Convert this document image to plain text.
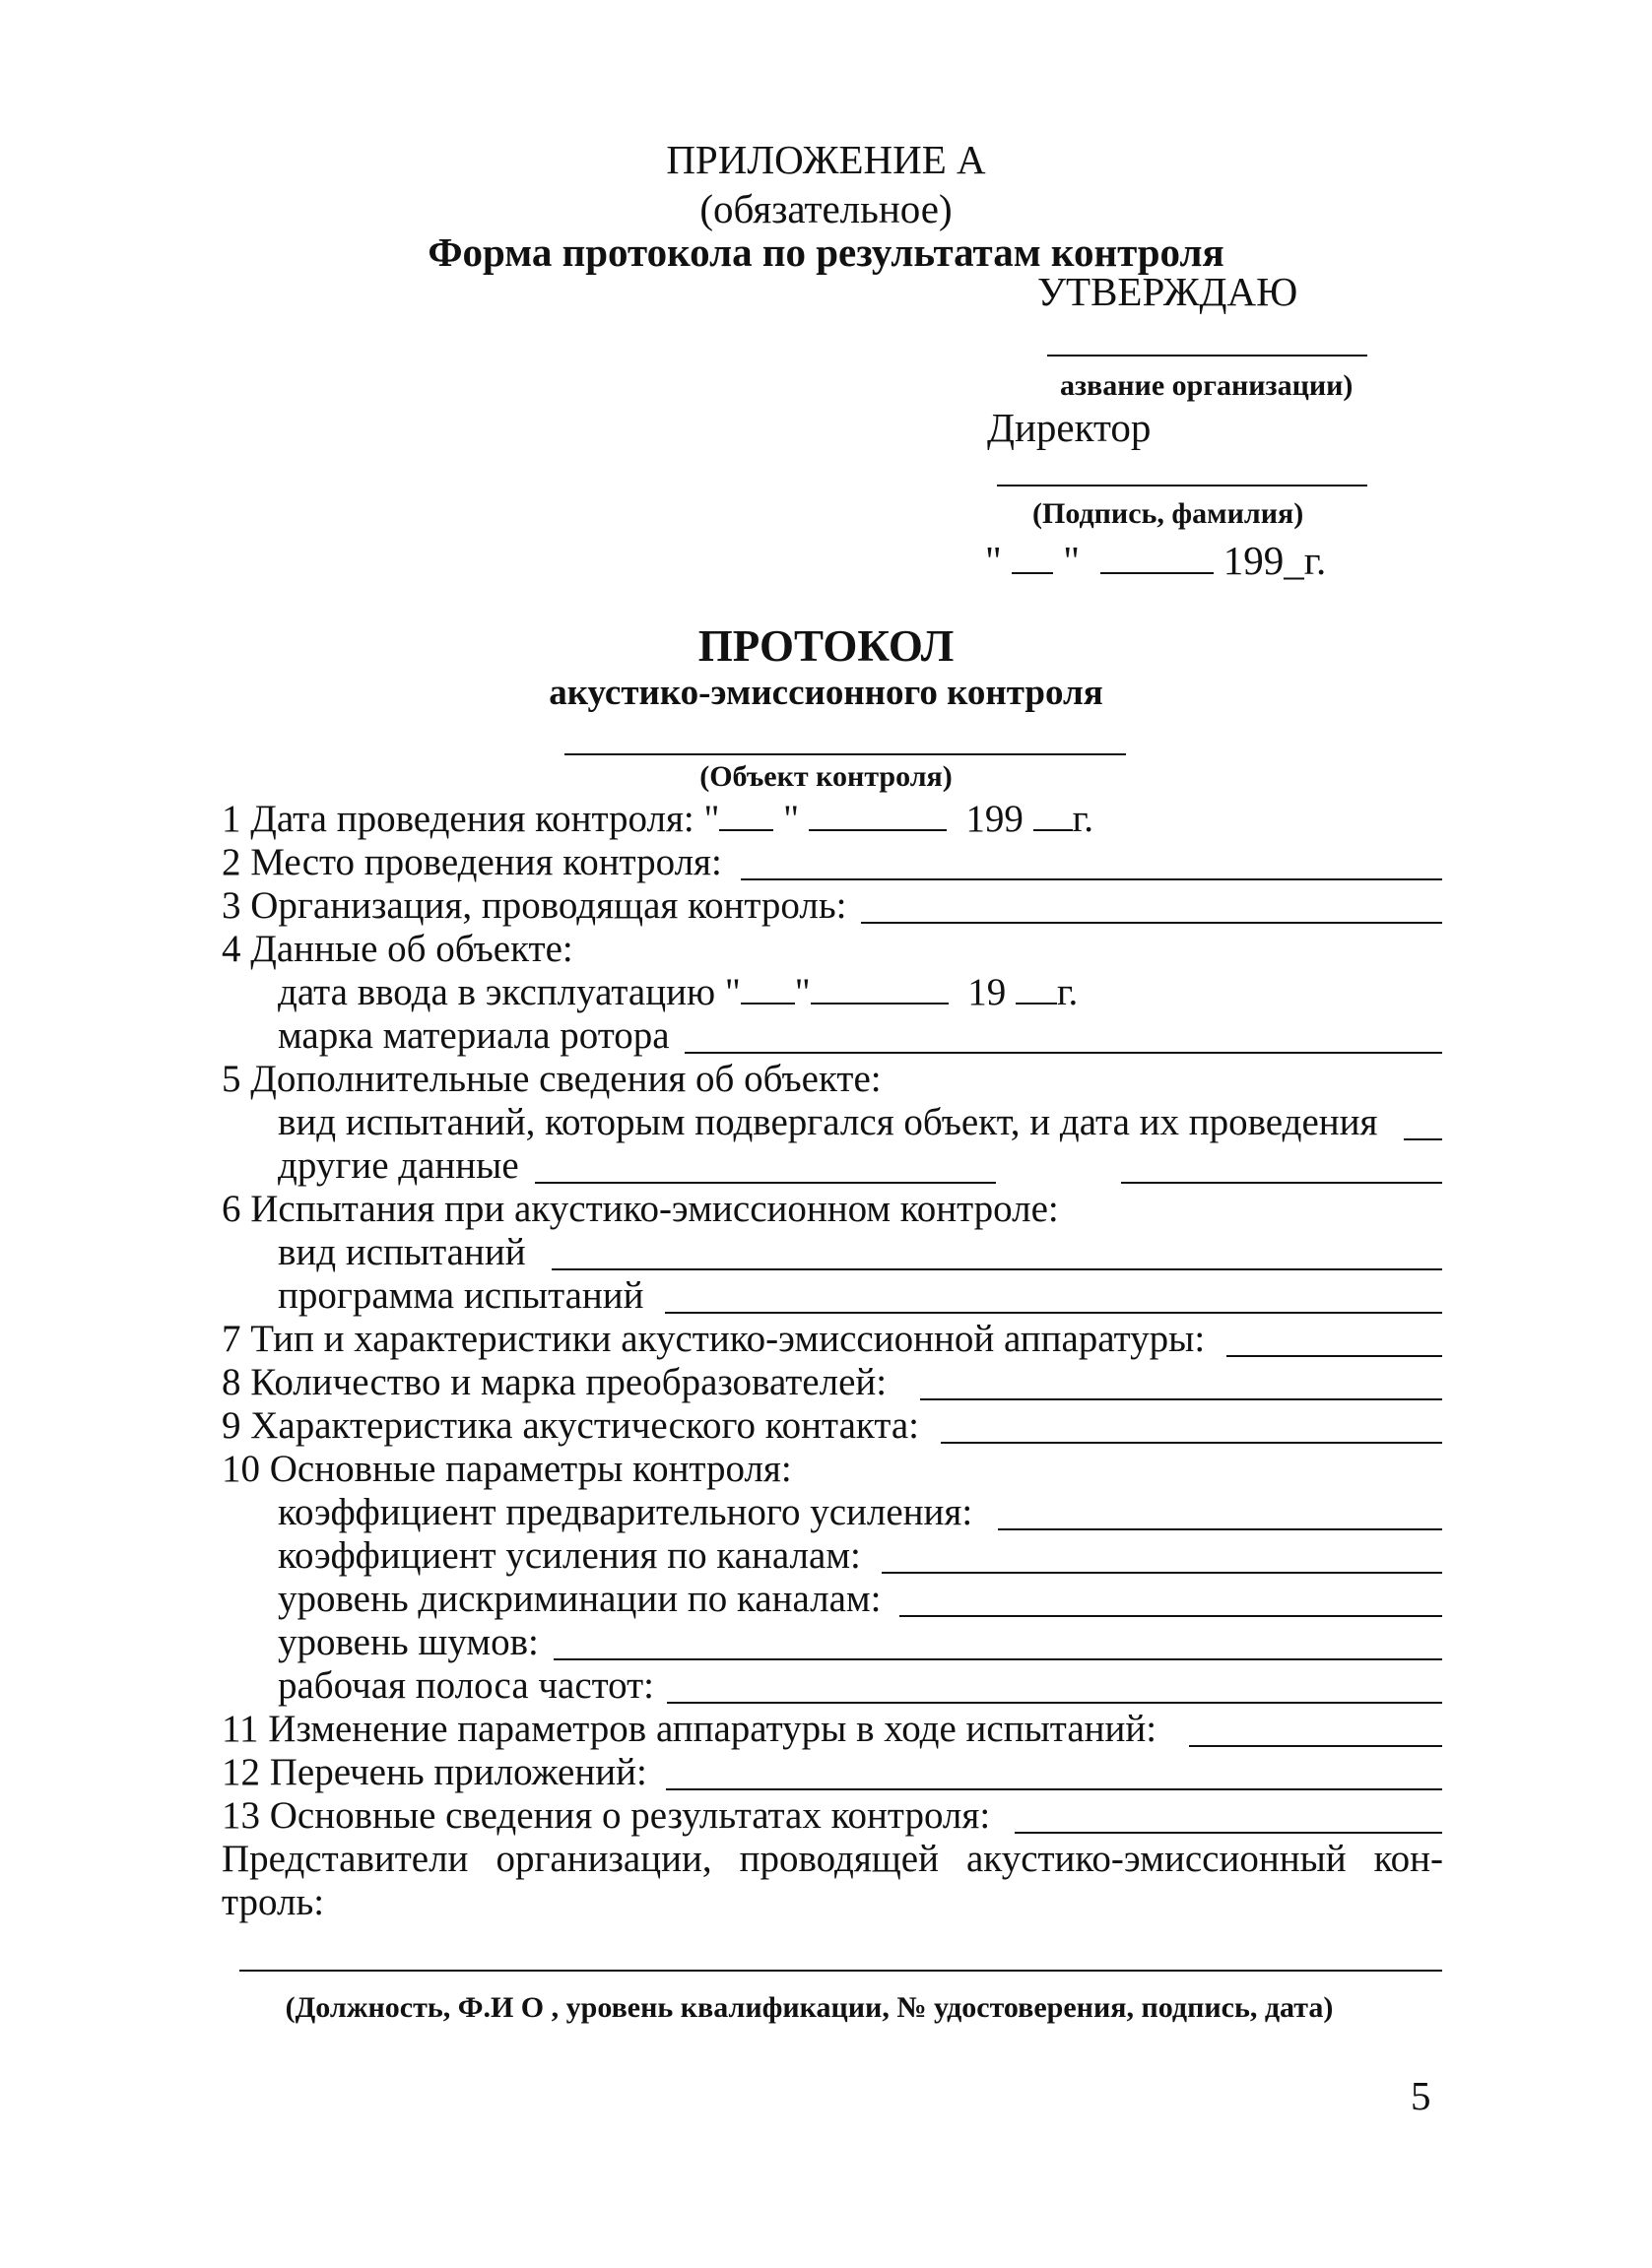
ПРИЛОЖЕНИЕ А
(обязательное)
Форма протокола по результатам контроля
УТВЕРЖДАЮ
азвание организации)
Директор
(Подпись, фамилия)
" "	199_г.
ПРОТОКОЛ
акустико-эмиссионного контроля
(Объект контроля)
1 Дата проведения контроля: " "	199 г.
2 Место проведения контроля:
3 Организация, проводящая контроль:
4 Данные об объекте:
дата ввода в эксплуатацию " "	19 г.
марка материала ротора
5 Дополнительные сведения об объекте:
вид испытаний, которым подвергался объект, и дата их проведения
другие данные
6 Испытания при акустико-эмиссионном контроле:
вид испытаний
программа испытаний
7 Тип и характеристики акустико-эмиссионной аппаратуры:
8 Количество и марка преобразователей:
9 Характеристика акустического контакта:
10 Основные параметры контроля:
коэффициент предварительного усиления:
коэффициент усиления по каналам:
уровень дискриминации по каналам:
уровень шумов:
рабочая полоса частот:
11 Изменение параметров аппаратуры в ходе испытаний:
12 Перечень приложений:
13 Основные сведения о результатах контроля:
Представители организации, проводящей акустико-эмиссионный кон-
троль:
(Должность, Ф.И О , уровень квалификации, № удостоверения, подпись, дата)
5
